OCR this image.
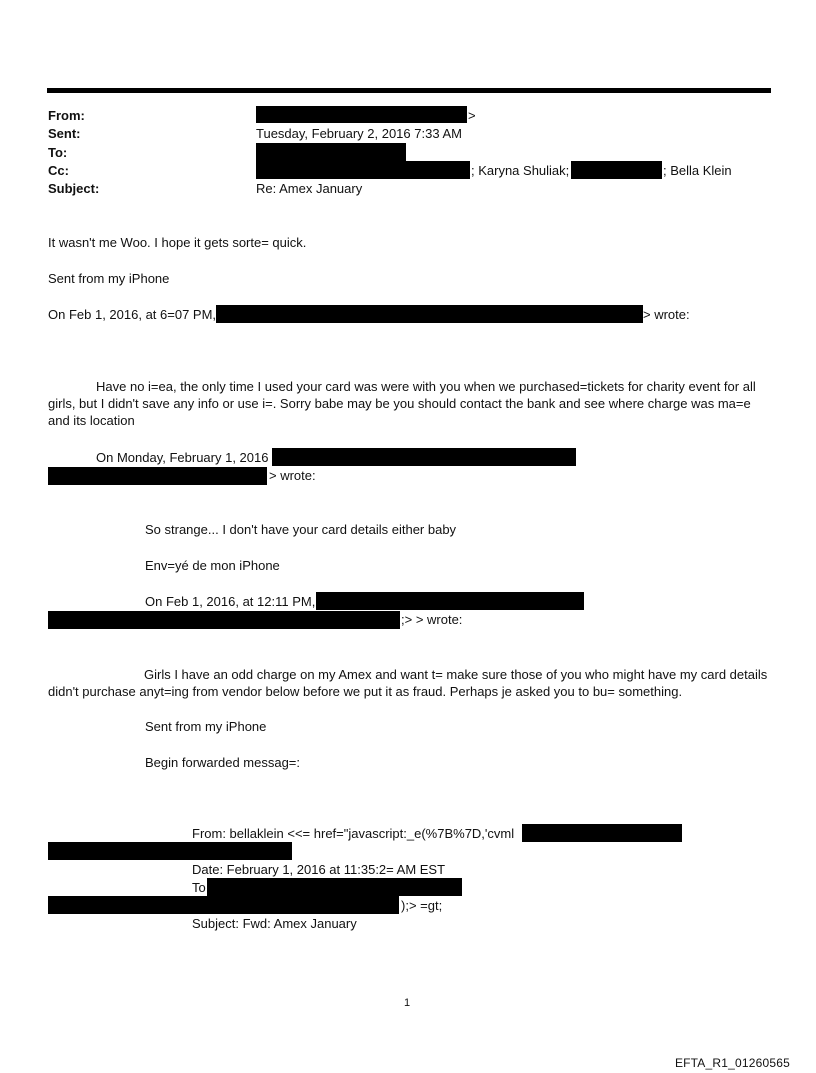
From:	>
Sent:	Tuesday, February 2, 2016 7:33 AM
To:
Cc:	; Karyna Shuliak;	; Bella Klein
Subject:	Re: Amex January
It wasn't me Woo. I hope it gets sorte= quick.
Sent from my iPhone
On Feb 1, 2016, at 6=07 PM,	> wrote:
Have no i=ea, the only time I used your card was were with you when we purchased=tickets for charity event for all girls, but I didn't save any info or use i=. Sorry babe may be you should contact the bank and see where charge was ma=e and its location
On Monday, February 1, 2016
> wrote:
So strange... I don't have your card details either baby
Env=yé de mon iPhone
On Feb 1, 2016, at 12:11 PM,
;> > wrote:
Girls I have an odd charge on my Amex and want t= make sure those of you who might have my card details didn't purchase anyt=ing from vendor below before we put it as fraud. Perhaps je asked you to bu= something.
Sent from my iPhone
Begin forwarded messag=:
From: bellaklein <<= href="javascript:_e(%7B%7D,'cvml
Date: February 1, 2016 at 11:35:2= AM EST
To
);> =gt;
Subject: Fwd: Amex January
1
EFTA_R1_01260565
